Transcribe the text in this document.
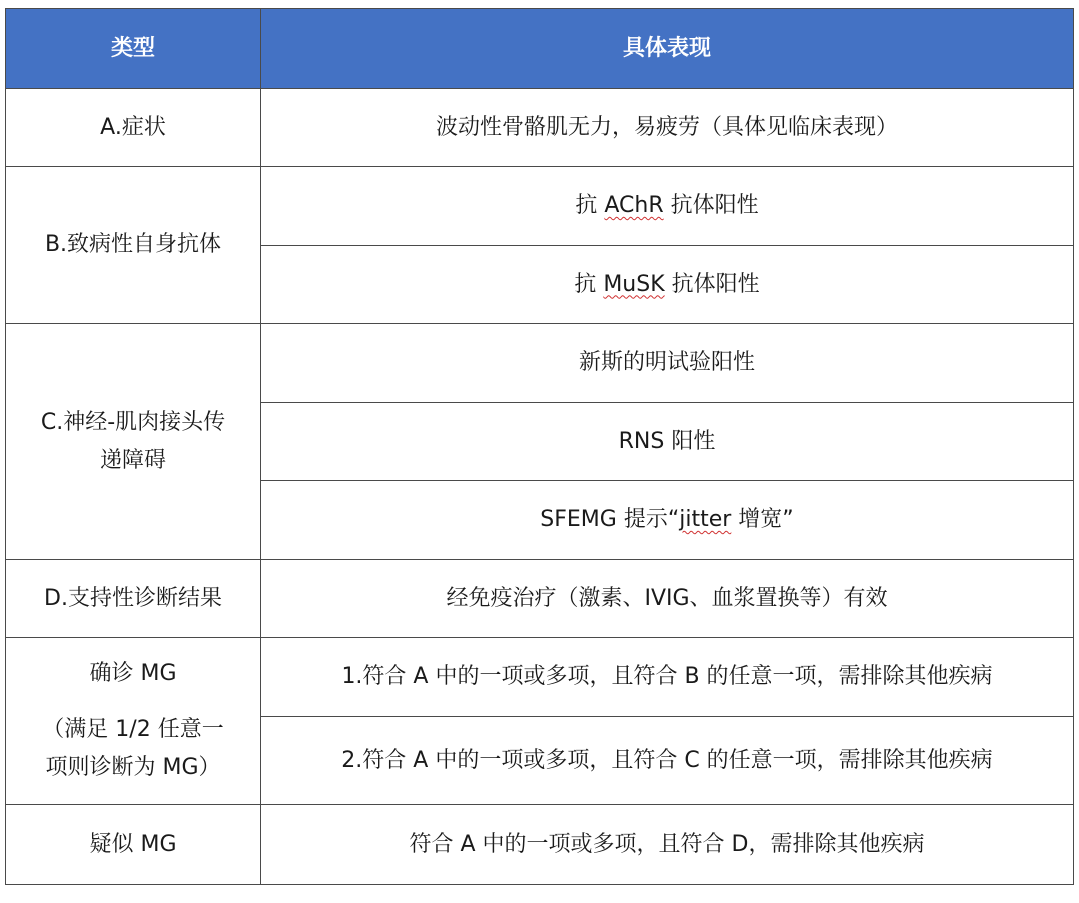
类型	具体表现
A.症状	波动性骨骼肌无力，易疲劳（具体见临床表现）
B.致病性自身抗体	抗 AChR 抗体阳性
	抗 MuSK 抗体阳性

C.神经-肌肉接头传
递障碍	新斯的明试验阳性
	RNS 阳性
	SFEMG 提示“jitter 增宽”
D.支持性诊断结果	经免疫治疗（激素、IVIG、血浆置换等）有效

确诊 MG
（满足 1/2 任意一
项则诊断为 MG）	1.符合 A 中的一项或多项，且符合 B 的任意一项，需排除其他疾病
	2.符合 A 中的一项或多项，且符合 C 的任意一项，需排除其他疾病
疑似 MG	符合 A 中的一项或多项，且符合 D，需排除其他疾病
